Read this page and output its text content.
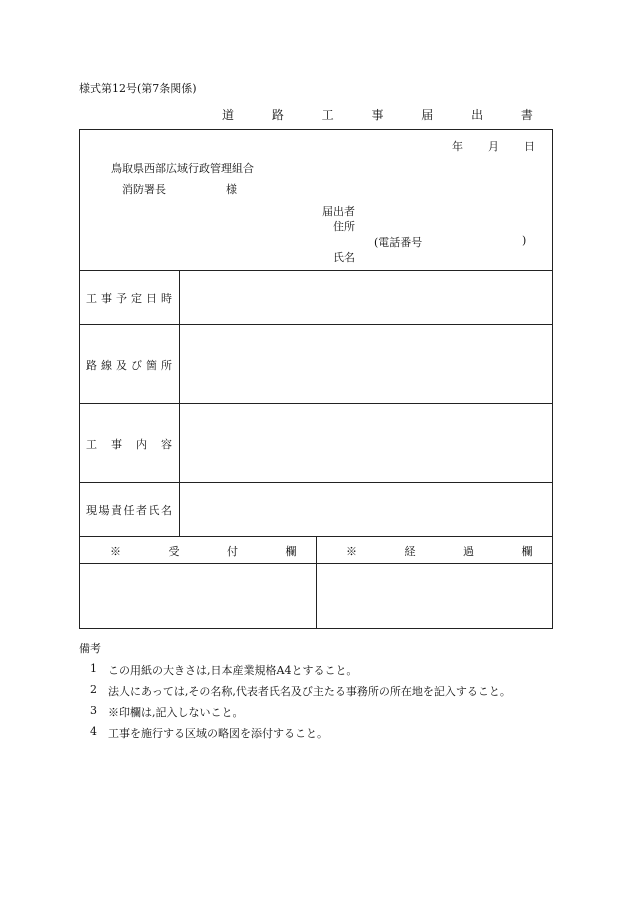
様式第12号(第7条関係)
道 路 工 事 届 出 書
年 月 日
鳥取県西部広域行政管理組合
消防署長	様
届出者
住所
(電話番号	)
氏名
工 事 予 定 日 時
路 線 及 び 箇 所
工 事 内 容
現 場 責 任 者 氏 名
※ 受 付 欄	※ 経 過 欄
備考
1 この用紙の大きさは,日本産業規格A4とすること。
2 法人にあっては,その名称,代表者氏名及び主たる事務所の所在地を記入すること。
3 ※印欄は,記入しないこと。
4 工事を施行する区域の略図を添付すること。
